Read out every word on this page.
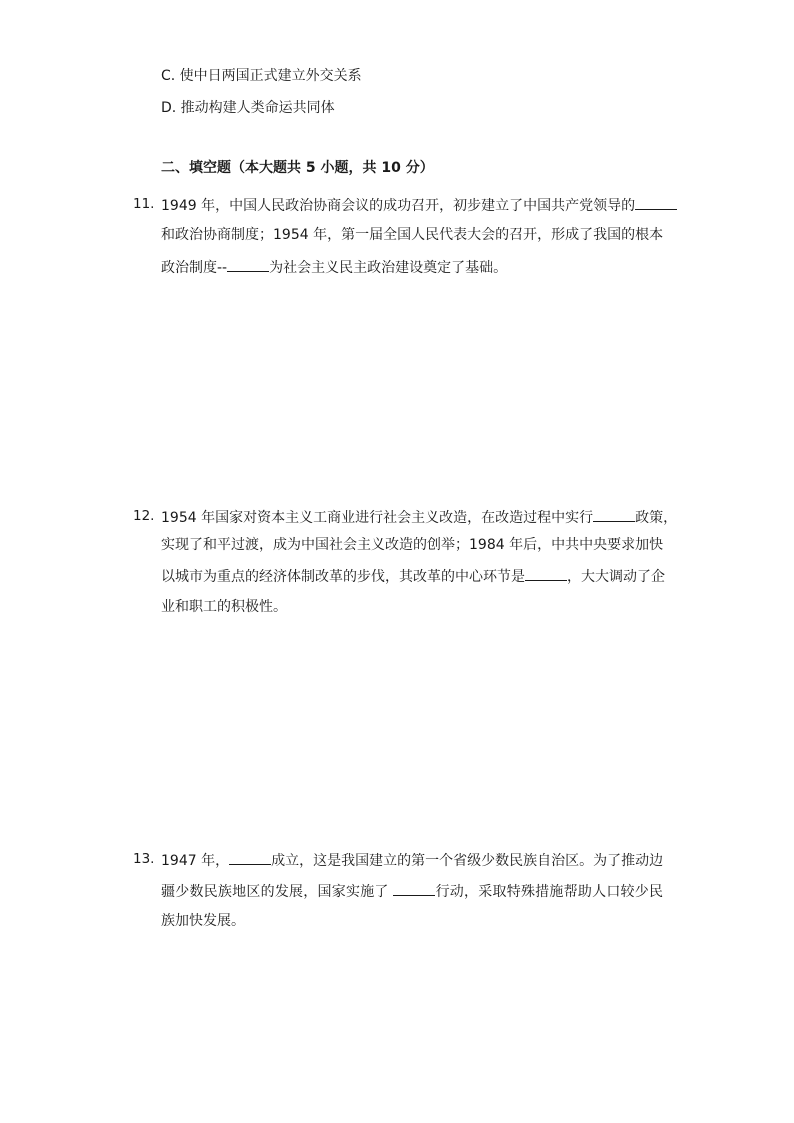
C. 使中日两国正式建立外交关系
D. 推动构建人类命运共同体
二、填空题（本大题共 5 小题，共 10 分）
11. 1949 年，中国人民政治协商会议的成功召开，初步建立了中国共产党领导的
和政治协商制度；1954 年，第一届全国人民代表大会的召开，形成了我国的根本
政治制度--	为社会主义民主政治建设奠定了基础。
12. 1954 年国家对资本主义工商业进行社会主义改造，在改造过程中实行	政策，
实现了和平过渡，成为中国社会主义改造的创举；1984 年后，中共中央要求加快
以城市为重点的经济体制改革的步伐，其改革的中心环节是	，大大调动了企
业和职工的积极性。
13. 1947 年，	成立，这是我国建立的第一个省级少数民族自治区。为了推动边
疆少数民族地区的发展，国家实施了	行动，采取特殊措施帮助人口较少民
族加快发展。
